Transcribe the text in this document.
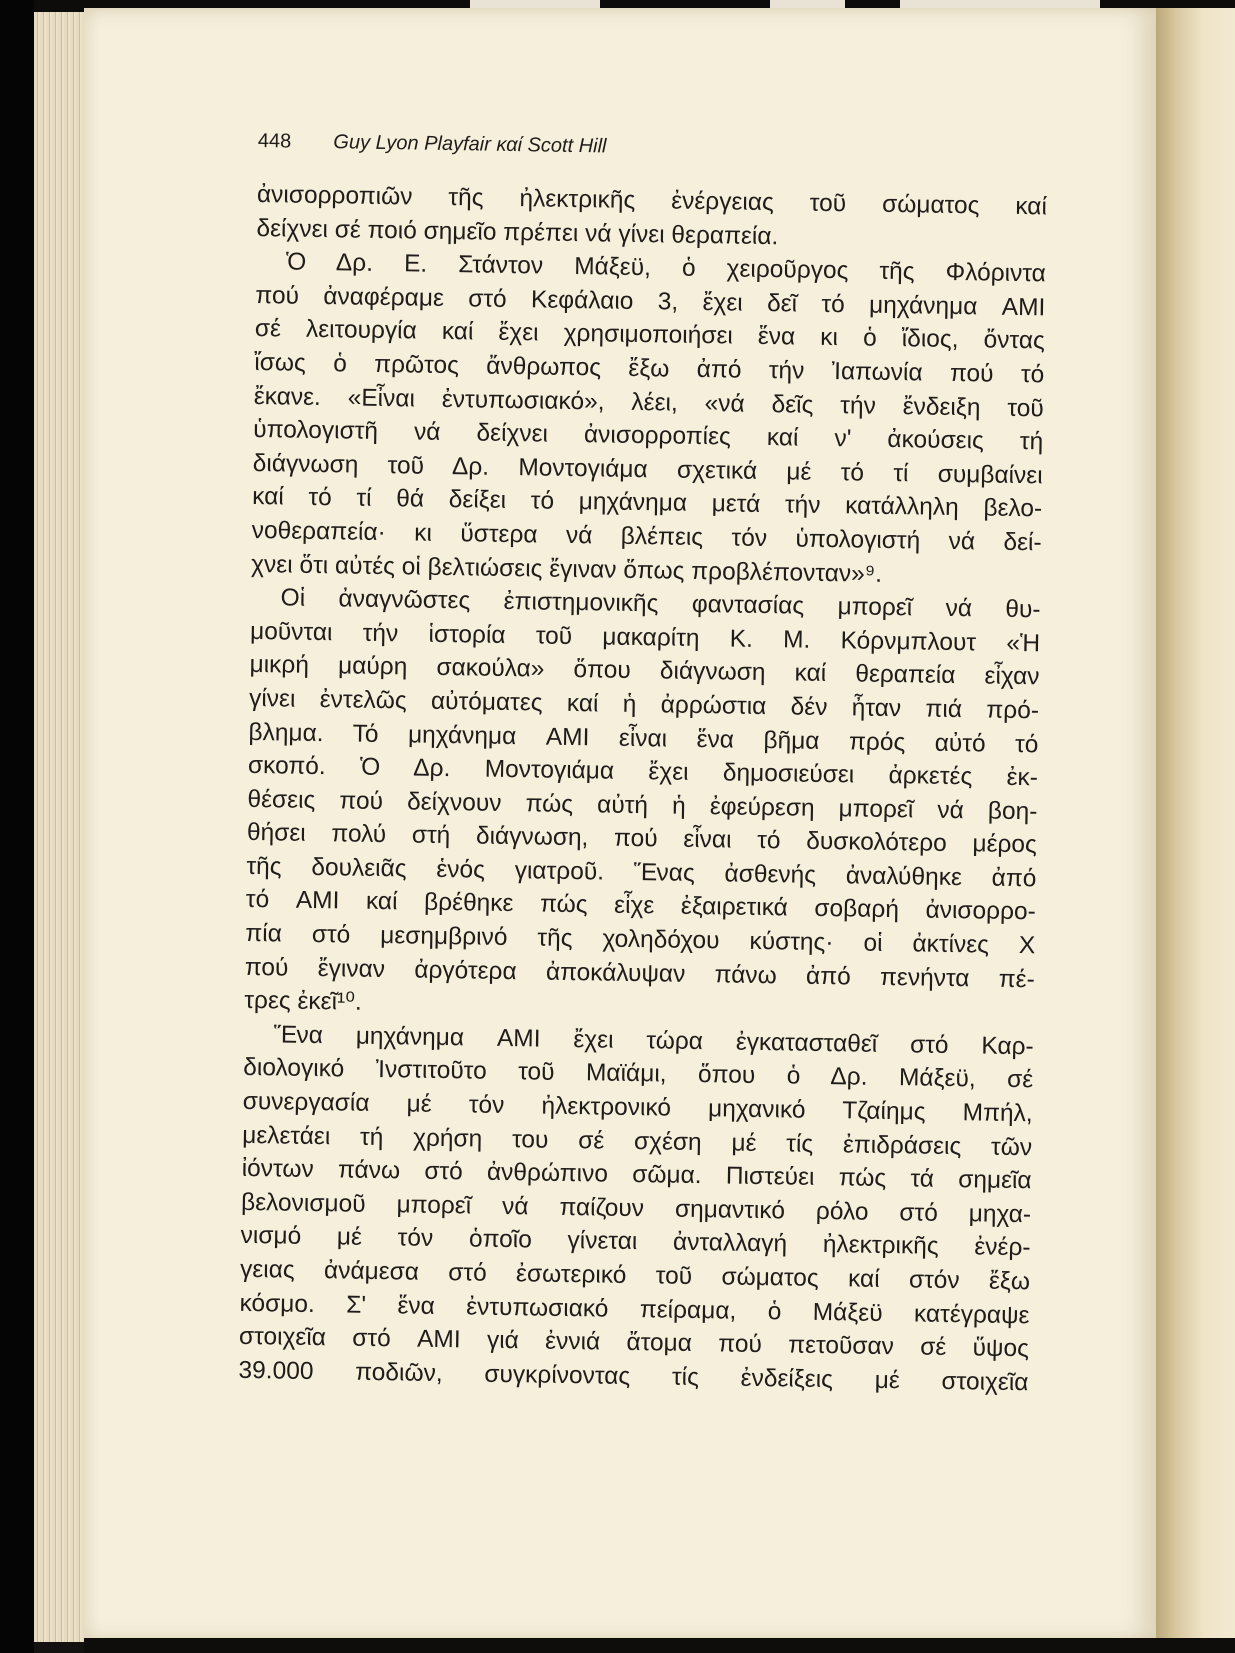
448 Guy Lyon Playfair καί Scott Hill
ἀνισορροπιῶν τῆς ἠλεκτρικῆς ἐνέργειας τοῦ σώματος καί
δείχνει σέ ποιό σημεῖο πρέπει νά γίνει θεραπεία.
Ὁ Δρ. Ε. Στάντον Μάξεϋ, ὁ χειροῦργος τῆς Φλόριντα
πού ἀναφέραμε στό Κεφάλαιο 3, ἔχει δεῖ τό μηχάνημα AMI
σέ λειτουργία καί ἔχει χρησιμοποιήσει ἕνα κι ὁ ἴδιος, ὄντας
ἴσως ὁ πρῶτος ἄνθρωπος ἔξω ἀπό τήν Ἰαπωνία πού τό
ἔκανε. «Εἶναι ἐντυπωσιακό», λέει, «νά δεῖς τήν ἔνδειξη τοῦ
ὑπολογιστῆ νά δείχνει ἀνισορροπίες καί ν' ἀκούσεις τή
διάγνωση τοῦ Δρ. Μοντογιάμα σχετικά μέ τό τί συμβαίνει
καί τό τί θά δείξει τό μηχάνημα μετά τήν κατάλληλη βελο-
νοθεραπεία· κι ὕστερα νά βλέπεις τόν ὑπολογιστή νά δεί-
χνει ὅτι αὐτές οἱ βελτιώσεις ἔγιναν ὅπως προβλέπονταν»⁹.
Οἱ ἀναγνῶστες ἐπιστημονικῆς φαντασίας μπορεῖ νά θυ-
μοῦνται τήν ἱστορία τοῦ μακαρίτη Κ. Μ. Κόρνμπλουτ «Ἡ
μικρή μαύρη σακούλα» ὅπου διάγνωση καί θεραπεία εἶχαν
γίνει ἐντελῶς αὐτόματες καί ἡ ἀρρώστια δέν ἦταν πιά πρό-
βλημα. Τό μηχάνημα AMI εἶναι ἕνα βῆμα πρός αὐτό τό
σκοπό. Ὁ Δρ. Μοντογιάμα ἔχει δημοσιεύσει ἀρκετές ἐκ-
θέσεις πού δείχνουν πώς αὐτή ἡ ἐφεύρεση μπορεῖ νά βοη-
θήσει πολύ στή διάγνωση, πού εἶναι τό δυσκολότερο μέρος
τῆς δουλειᾶς ἑνός γιατροῦ. Ἕνας ἀσθενής ἀναλύθηκε ἀπό
τό AMI καί βρέθηκε πώς εἶχε ἐξαιρετικά σοβαρή ἀνισορρο-
πία στό μεσημβρινό τῆς χοληδόχου κύστης· οἱ ἀκτίνες Χ
πού ἔγιναν ἀργότερα ἀποκάλυψαν πάνω ἀπό πενήντα πέ-
τρες ἐκεῖ¹⁰.
Ἕνα μηχάνημα AMI ἔχει τώρα ἐγκατασταθεῖ στό Καρ-
διολογικό Ἰνστιτοῦτο τοῦ Μαϊάμι, ὅπου ὁ Δρ. Μάξεϋ, σέ
συνεργασία μέ τόν ἠλεκτρονικό μηχανικό Τζαίημς Μπήλ,
μελετάει τή χρήση του σέ σχέση μέ τίς ἐπιδράσεις τῶν
ἰόντων πάνω στό ἀνθρώπινο σῶμα. Πιστεύει πώς τά σημεῖα
βελονισμοῦ μπορεῖ νά παίζουν σημαντικό ρόλο στό μηχα-
νισμό μέ τόν ὁποῖο γίνεται ἀνταλλαγή ἠλεκτρικῆς ἐνέρ-
γειας ἀνάμεσα στό ἐσωτερικό τοῦ σώματος καί στόν ἔξω
κόσμο. Σ' ἕνα ἐντυπωσιακό πείραμα, ὁ Μάξεϋ κατέγραψε
στοιχεῖα στό AMI γιά ἐννιά ἄτομα πού πετοῦσαν σέ ὕψος
39.000 ποδιῶν, συγκρίνοντας τίς ἐνδείξεις μέ στοιχεῖα
